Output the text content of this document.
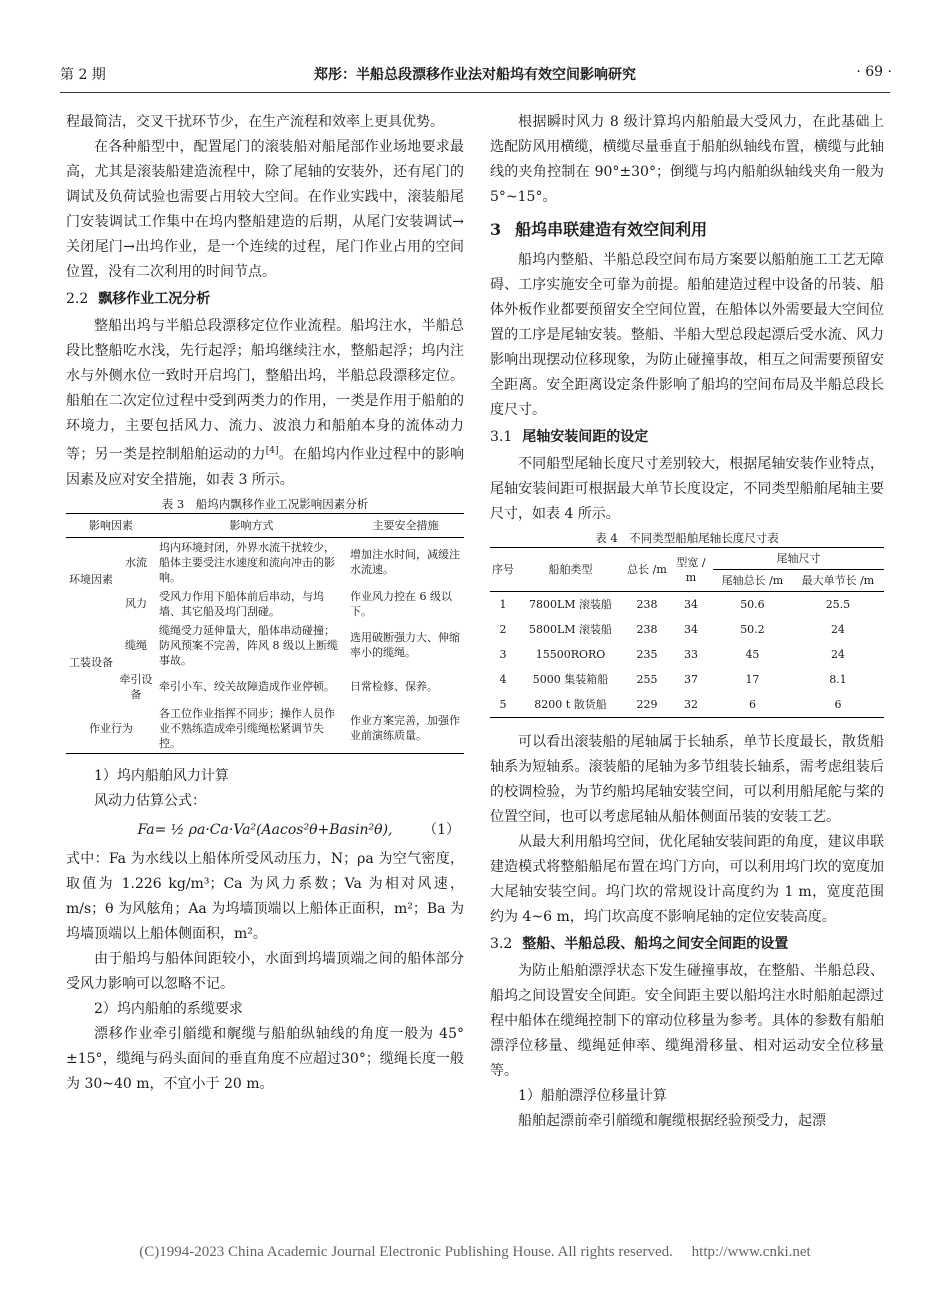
第 2 期	郑彤：半船总段漂移作业法对船坞有效空间影响研究	· 69 ·

程最简洁，交叉干扰环节少，在生产流程和效率上更具优势。

在各种船型中，配置尾门的滚装船对船尾部作业场地要求最高，尤其是滚装船建造流程中，除了尾轴的安装外，还有尾门的调试及负荷试验也需要占用较大空间。在作业实践中，滚装船尾门安装调试工作集中在坞内整船建造的后期，从尾门安装调试→关闭尾门→出坞作业，是一个连续的过程，尾门作业占用的空间位置，没有二次利用的时间节点。

2.2 飘移作业工况分析

整船出坞与半船总段漂移定位作业流程。船坞注水，半船总段比整船吃水浅，先行起浮；船坞继续注水，整船起浮；坞内注水与外侧水位一致时开启坞门，整船出坞，半船总段漂移定位。船舶在二次定位过程中受到两类力的作用，一类是作用于船舶的环境力，主要包括风力、流力、波浪力和船舶本身的流体动力等；另一类是控制船舶运动的力[4]。在船坞内作业过程中的影响因素及应对安全措施，如表 3 所示。

表 3　船坞内飘移作业工况影响因素分析
影响因素		影响方式	主要安全措施
环境因素	水流	坞内环境封闭，外界水流干扰较少，船体主要受注水速度和流向冲击的影响。	增加注水时间，减缓注水流速。
	风力	受风力作用下船体前后串动，与坞墙、其它船及坞门刮碰。	作业风力控在 6 级以下。
工装设备	缆绳	缆绳受力延伸量大，船体串动碰撞；防风预案不完善，阵风 8 级以上断缆事故。	选用破断强力大、伸缩率小的缆绳。
	牵引设备	牵引小车、绞关故障造成作业停顿。	日常检修、保养。
作业行为		各工位作业指挥不同步；操作人员作业不熟练造成牵引缆绳松紧调节失控。	作业方案完善，加强作业前演练质量。

1）坞内船舶风力计算

风动力估算公式：

Fa= ½ ρa·Ca·Va²(Aacos²θ+Basin²θ), （1）

式中：Fa 为水线以上船体所受风动压力，N；ρa 为空气密度，取值为 1.226 kg/m³；Ca 为风力系数；Va 为相对风速，m/s；θ 为风舷角；Aa 为坞墙顶端以上船体正面积，m²；Ba 为坞墙顶端以上船体侧面积，m²。

由于船坞与船体间距较小，水面到坞墙顶端之间的船体部分受风力影响可以忽略不记。

2）坞内船舶的系缆要求

漂移作业牵引艏缆和艉缆与船舶纵轴线的角度一般为 45°±15°，缆绳与码头面间的垂直角度不应超过30°；缆绳长度一般为 30~40 m，不宜小于 20 m。

根据瞬时风力 8 级计算坞内船舶最大受风力，在此基础上选配防风用横缆，横缆尽量垂直于船舶纵轴线布置，横缆与此轴线的夹角控制在 90°±30°；倒缆与坞内船舶纵轴线夹角一般为 5°~15°。

3 船坞串联建造有效空间利用

船坞内整船、半船总段空间布局方案要以船舶施工工艺无障碍、工序实施安全可靠为前提。船舶建造过程中设备的吊装、船体外板作业都要预留安全空间位置，在船体以外需要最大空间位置的工序是尾轴安装。整船、半船大型总段起漂后受水流、风力影响出现摆动位移现象，为防止碰撞事故，相互之间需要预留安全距离。安全距离设定条件影响了船坞的空间布局及半船总段长度尺寸。

3.1 尾轴安装间距的设定

不同船型尾轴长度尺寸差别较大，根据尾轴安装作业特点，尾轴安装间距可根据最大单节长度设定，不同类型船舶尾轴主要尺寸，如表 4 所示。

表 4　不同类型船舶尾轴长度尺寸表
序号	船舶类型	总长 /m	型宽 / m	尾轴尺寸	
				尾轴总长 /m	最大单节长 /m
1	7800LM 滚装船	238	34	50.6	25.5
2	5800LM 滚装船	238	34	50.2	24
3	15500RORO	235	33	45	24
4	5000 集装箱船	255	37	17	8.1
5	8200 t 散货船	229	32	6	6

可以看出滚装船的尾轴属于长轴系，单节长度最长，散货船轴系为短轴系。滚装船的尾轴为多节组装长轴系，需考虑组装后的校调检验，为节约船坞尾轴安装空间，可以利用船尾舵与桨的位置空间，也可以考虑尾轴从船体侧面吊装的安装工艺。

从最大利用船坞空间，优化尾轴安装间距的角度，建议串联建造模式将整船船尾布置在坞门方向，可以利用坞门坎的宽度加大尾轴安装空间。坞门坎的常规设计高度约为 1 m，宽度范围约为 4~6 m，坞门坎高度不影响尾轴的定位安装高度。

3.2 整船、半船总段、船坞之间安全间距的设置

为防止船舶漂浮状态下发生碰撞事故，在整船、半船总段、船坞之间设置安全间距。安全间距主要以船坞注水时船舶起漂过程中船体在缆绳控制下的窜动位移量为参考。具体的参数有船舶漂浮位移量、缆绳延伸率、缆绳滑移量、相对运动安全位移量等。

1）船舶漂浮位移量计算

船舶起漂前牵引艏缆和艉缆根据经验预受力，起漂

(C)1994-2023 China Academic Journal Electronic Publishing House. All rights reserved.　 http://www.cnki.net
